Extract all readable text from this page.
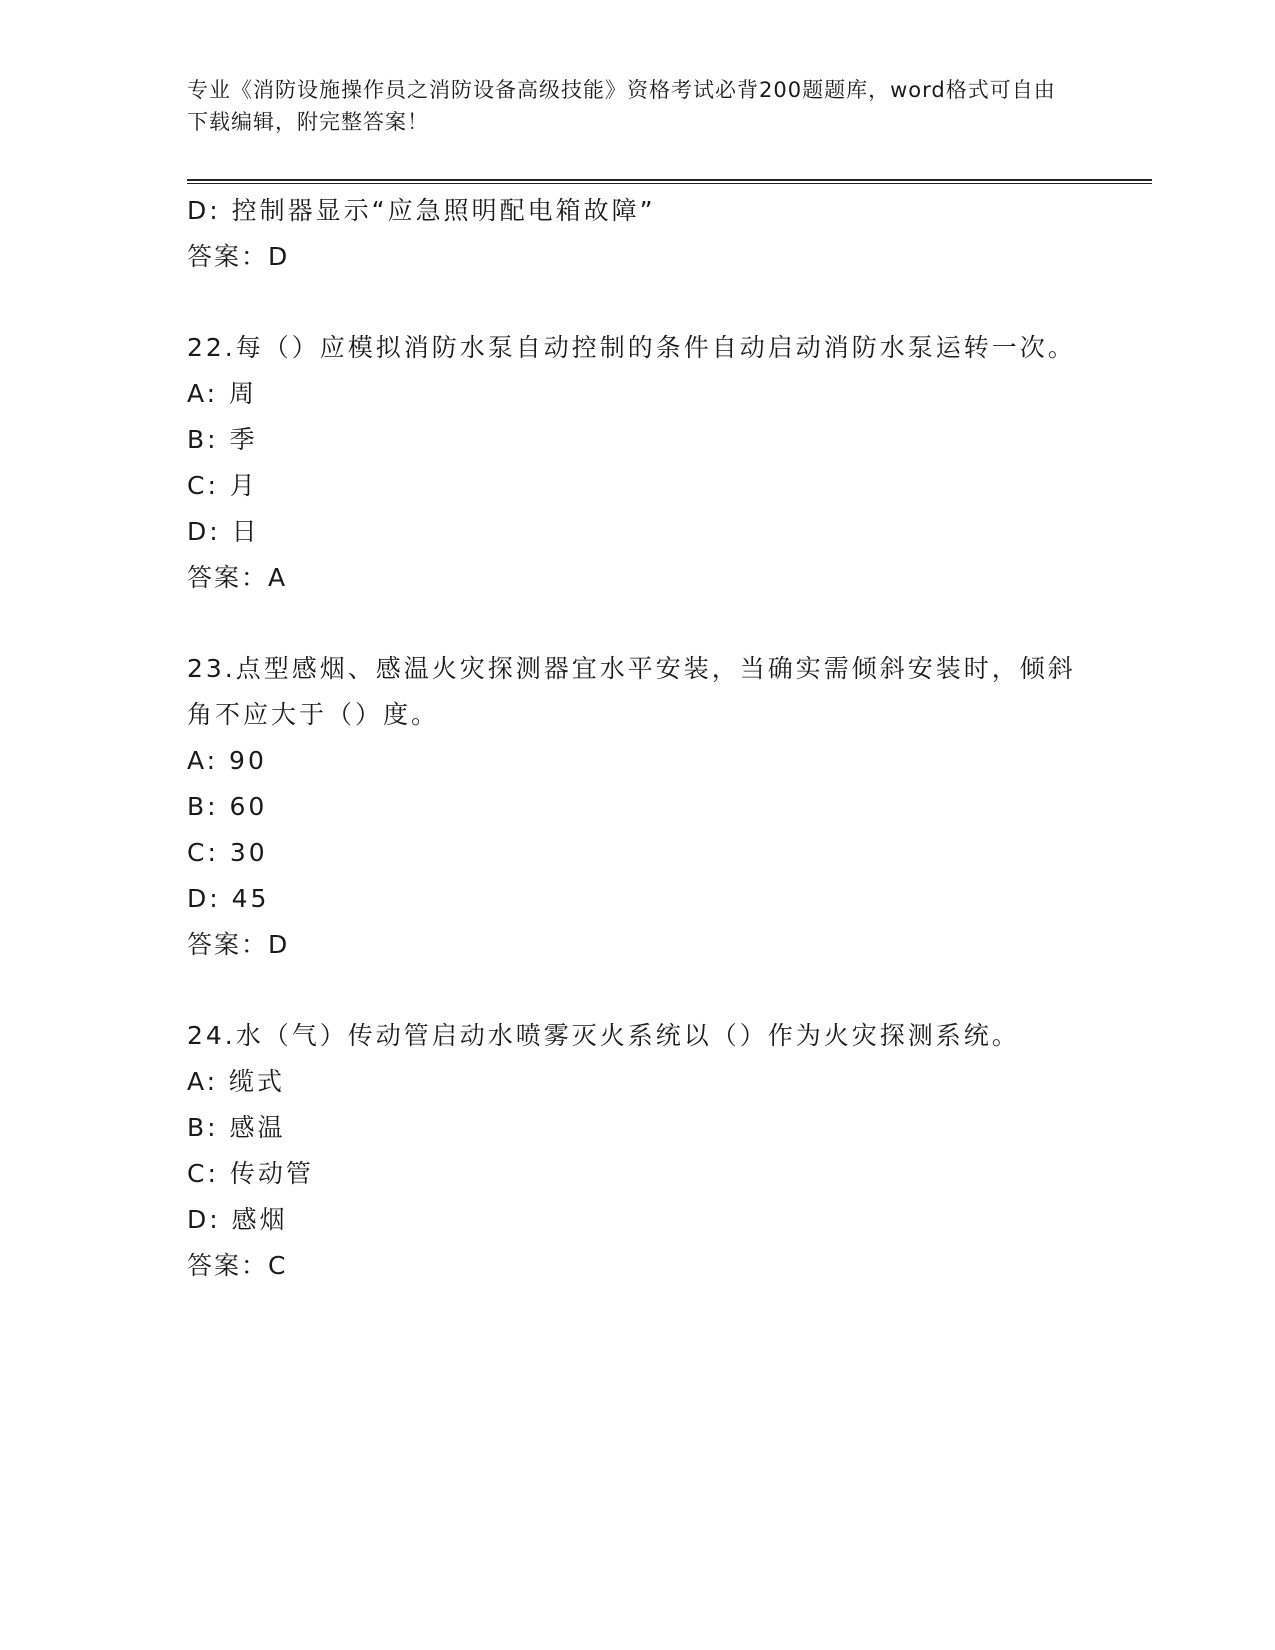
专业《消防设施操作员之消防设备高级技能》资格考试必背200题题库，word格式可自由下载编辑，附完整答案！
D: 控制器显示“应急照明配电箱故障”
答案：D
22.每（）应模拟消防水泵自动控制的条件自动启动消防水泵运转一次。
A: 周
B: 季
C: 月
D: 日
答案：A
23.点型感烟、感温火灾探测器宜水平安装，当确实需倾斜安装时，倾斜角不应大于（）度。
A: 90
B: 60
C: 30
D: 45
答案：D
24.水（气）传动管启动水喷雾灭火系统以（）作为火灾探测系统。
A: 缆式
B: 感温
C: 传动管
D: 感烟
答案：C
